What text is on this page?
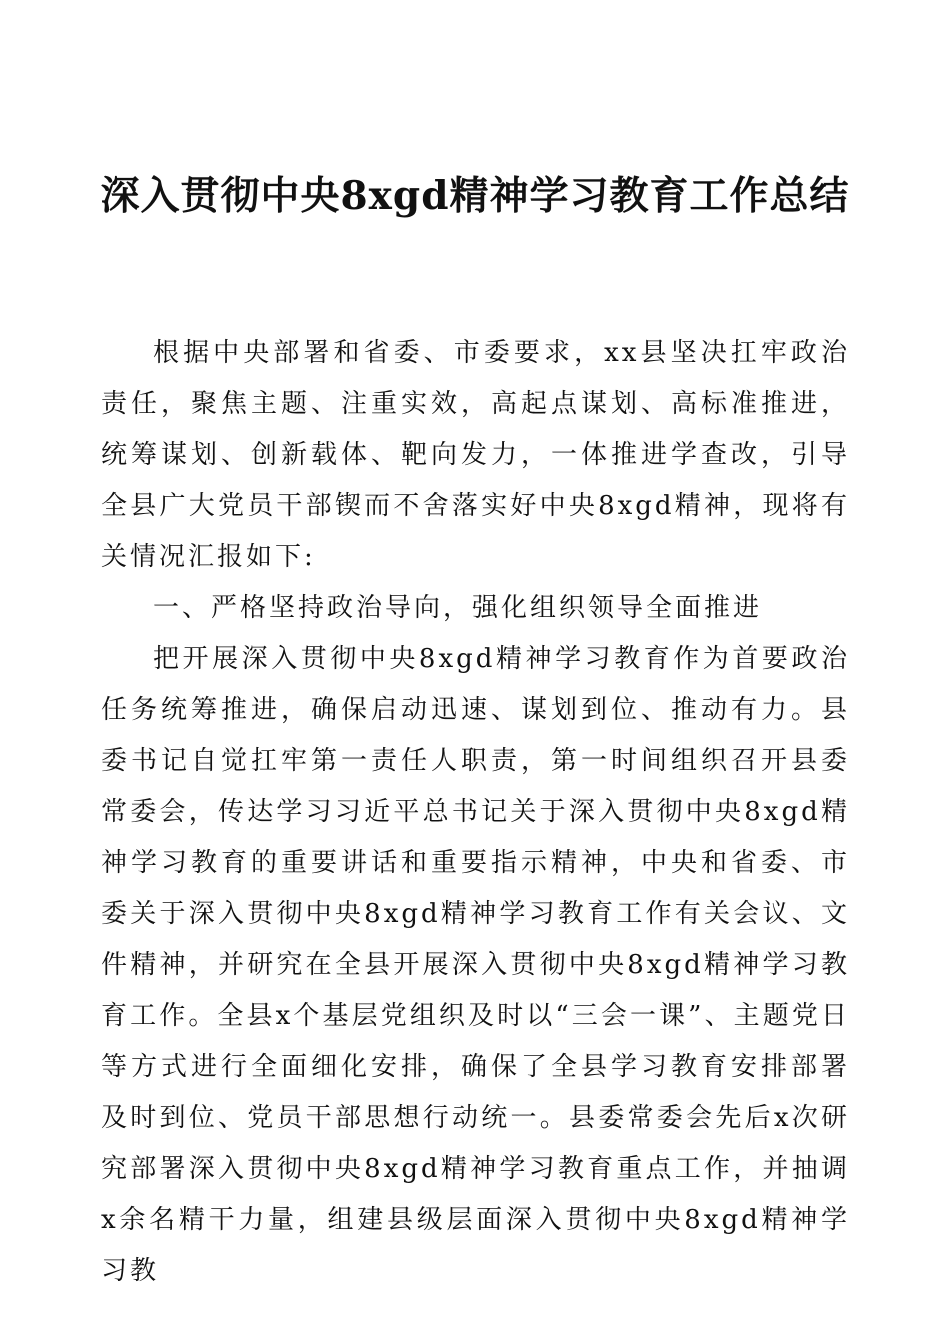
深入贯彻中央8xgd精神学习教育工作总结

根据中央部署和省委、市委要求，xx县坚决扛牢政治责任，聚焦主题、注重实效，高起点谋划、高标准推进，统筹谋划、创新载体、靶向发力，一体推进学查改，引导全县广大党员干部锲而不舍落实好中央8xgd精神，现将有关情况汇报如下:

一、严格坚持政治导向，强化组织领导全面推进

把开展深入贯彻中央8xgd精神学习教育作为首要政治任务统筹推进，确保启动迅速、谋划到位、推动有力。县委书记自觉扛牢第一责任人职责，第一时间组织召开县委常委会，传达学习习近平总书记关于深入贯彻中央8xgd精神学习教育的重要讲话和重要指示精神，中央和省委、市委关于深入贯彻中央8xgd精神学习教育工作有关会议、文件精神，并研究在全县开展深入贯彻中央8xgd精神学习教育工作。全县x个基层党组织及时以“三会一课”、主题党日等方式进行全面细化安排，确保了全县学习教育安排部署及时到位、党员干部思想行动统一。县委常委会先后x次研究部署深入贯彻中央8xgd精神学习教育重点工作，并抽调x余名精干力量，组建县级层面深入贯彻中央8xgd精神学习教
